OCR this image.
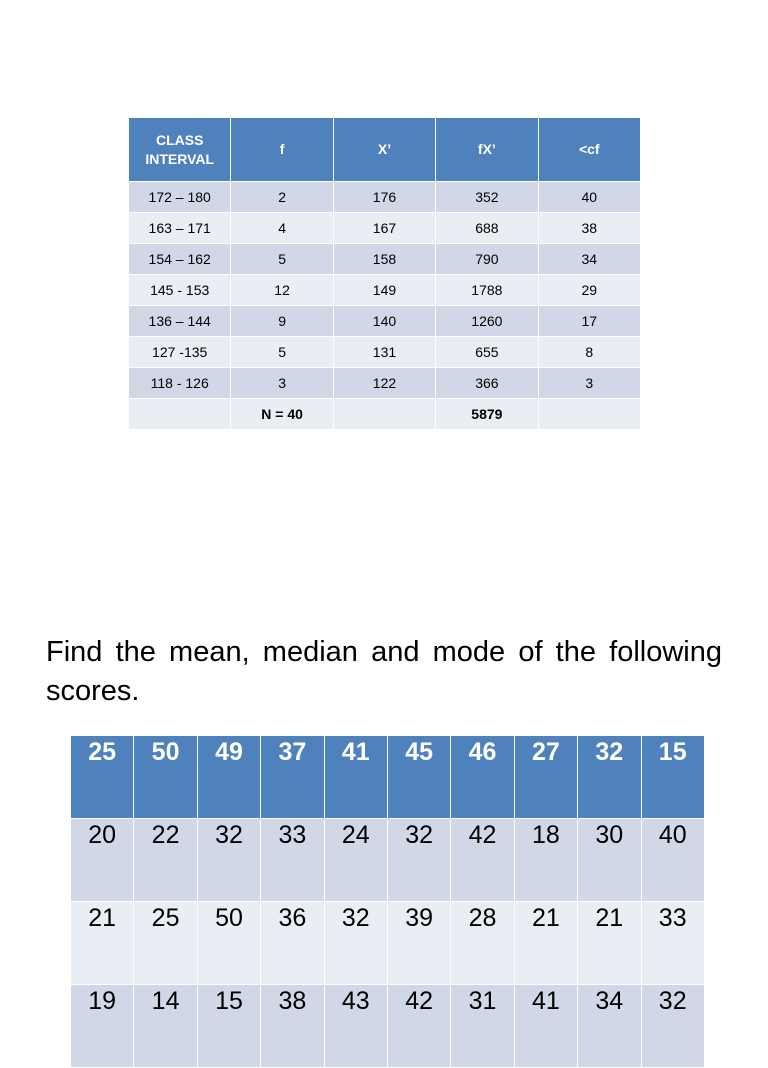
CLASS INTERVAL	f	X’	fX’	<cf
172 – 180	2	176	352	40
163 – 171	4	167	688	38
154 – 162	5	158	790	34
145 - 153	12	149	1788	29
136 – 144	9	140	1260	17
127 -135	5	131	655	8
118 - 126	3	122	366	3
	N = 40		5879	

Find the mean, median and mode of the following scores.

25	50	49	37	41	45	46	27	32	15
20	22	32	33	24	32	42	18	30	40
21	25	50	36	32	39	28	21	21	33
19	14	15	38	43	42	31	41	34	32
